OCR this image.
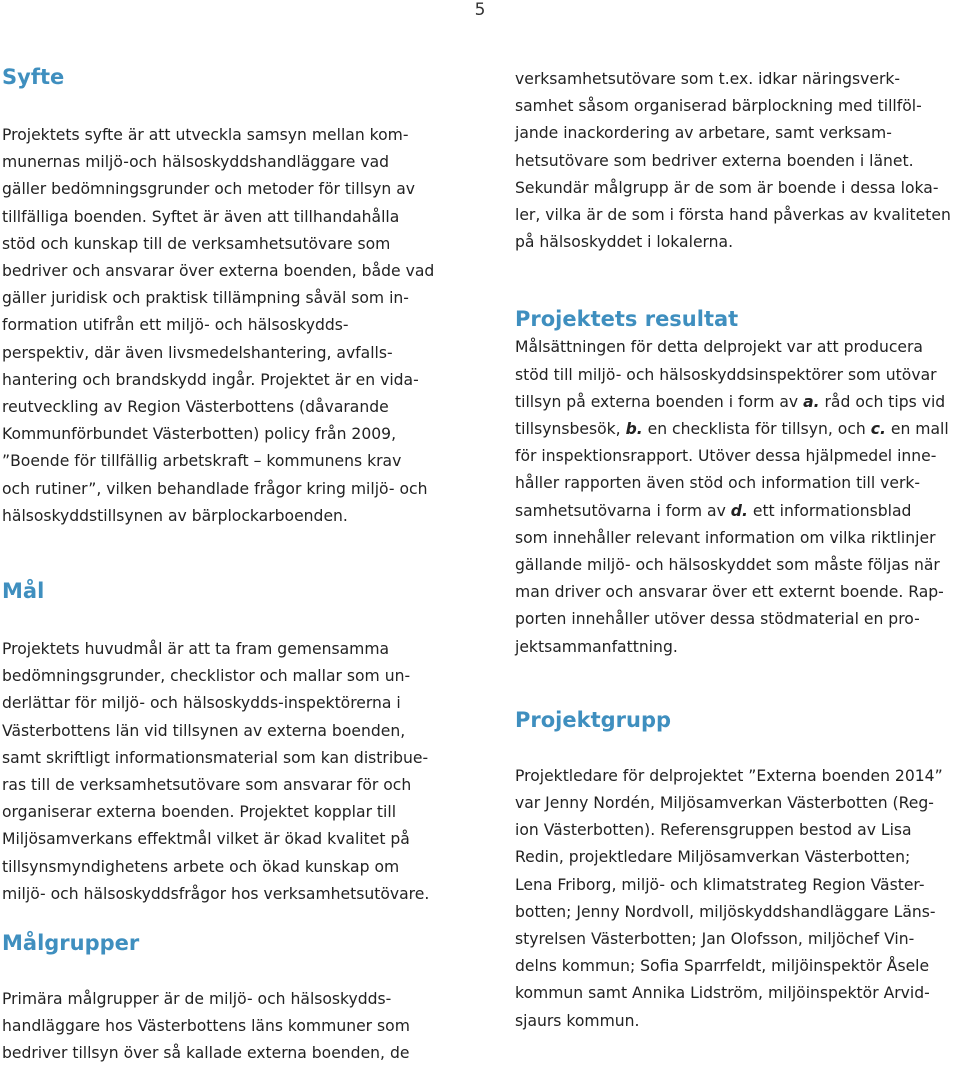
5
Syfte

Projektets syfte är att utveckla samsyn mellan kom-
munernas miljö-och hälsoskyddshandläggare vad
gäller bedömningsgrunder och metoder för tillsyn av
tillfälliga boenden. Syftet är även att tillhandahålla
stöd och kunskap till de verksamhetsutövare som
bedriver och ansvarar över externa boenden, både vad
gäller juridisk och praktisk tillämpning såväl som in-
formation utifrån ett miljö- och hälsoskydds-
perspektiv, där även livsmedelshantering, avfalls-
hantering och brandskydd ingår. Projektet är en vida-
reutveckling av Region Västerbottens (dåvarande
Kommunförbundet Västerbotten) policy från 2009,
”Boende för tillfällig arbetskraft – kommunens krav
och rutiner”, vilken behandlade frågor kring miljö- och
hälsoskyddstillsynen av bärplockarboenden.

Mål

Projektets huvudmål är att ta fram gemensamma
bedömningsgrunder, checklistor och mallar som un-
derlättar för miljö- och hälsoskydds-inspektörerna i
Västerbottens län vid tillsynen av externa boenden,
samt skriftligt informationsmaterial som kan distribue-
ras till de verksamhetsutövare som ansvarar för och
organiserar externa boenden. Projektet kopplar till
Miljösamverkans effektmål vilket är ökad kvalitet på
tillsynsmyndighetens arbete och ökad kunskap om
miljö- och hälsoskyddsfrågor hos verksamhetsutövare.

Målgrupper

Primära målgrupper är de miljö- och hälsoskydds-
handläggare hos Västerbottens läns kommuner som
bedriver tillsyn över så kallade externa boenden, de

verksamhetsutövare som t.ex. idkar näringsverk-
samhet såsom organiserad bärplockning med tillföl-
jande inackordering av arbetare, samt verksam-
hetsutövare som bedriver externa boenden i länet.
Sekundär målgrupp är de som är boende i dessa loka-
ler, vilka är de som i första hand påverkas av kvaliteten
på hälsoskyddet i lokalerna.

Projektets resultat

Målsättningen för detta delprojekt var att producera
stöd till miljö- och hälsoskyddsinspektörer som utövar
tillsyn på externa boenden i form av a. råd och tips vid
tillsynsbesök, b. en checklista för tillsyn, och c. en mall
för inspektionsrapport. Utöver dessa hjälpmedel inne-
håller rapporten även stöd och information till verk-
samhetsutövarna i form av d. ett informationsblad
som innehåller relevant information om vilka riktlinjer
gällande miljö- och hälsoskyddet som måste följas när
man driver och ansvarar över ett externt boende. Rap-
porten innehåller utöver dessa stödmaterial en pro-
jektsammanfattning.

Projektgrupp

Projektledare för delprojektet ”Externa boenden 2014”
var Jenny Nordén, Miljösamverkan Västerbotten (Reg-
ion Västerbotten). Referensgruppen bestod av Lisa
Redin, projektledare Miljösamverkan Västerbotten;
Lena Friborg, miljö- och klimatstrateg Region Väster-
botten; Jenny Nordvoll, miljöskyddshandläggare Läns-
styrelsen Västerbotten; Jan Olofsson, miljöchef Vin-
delns kommun; Sofia Sparrfeldt, miljöinspektör Åsele
kommun samt Annika Lidström, miljöinspektör Arvid-
sjaurs kommun.
